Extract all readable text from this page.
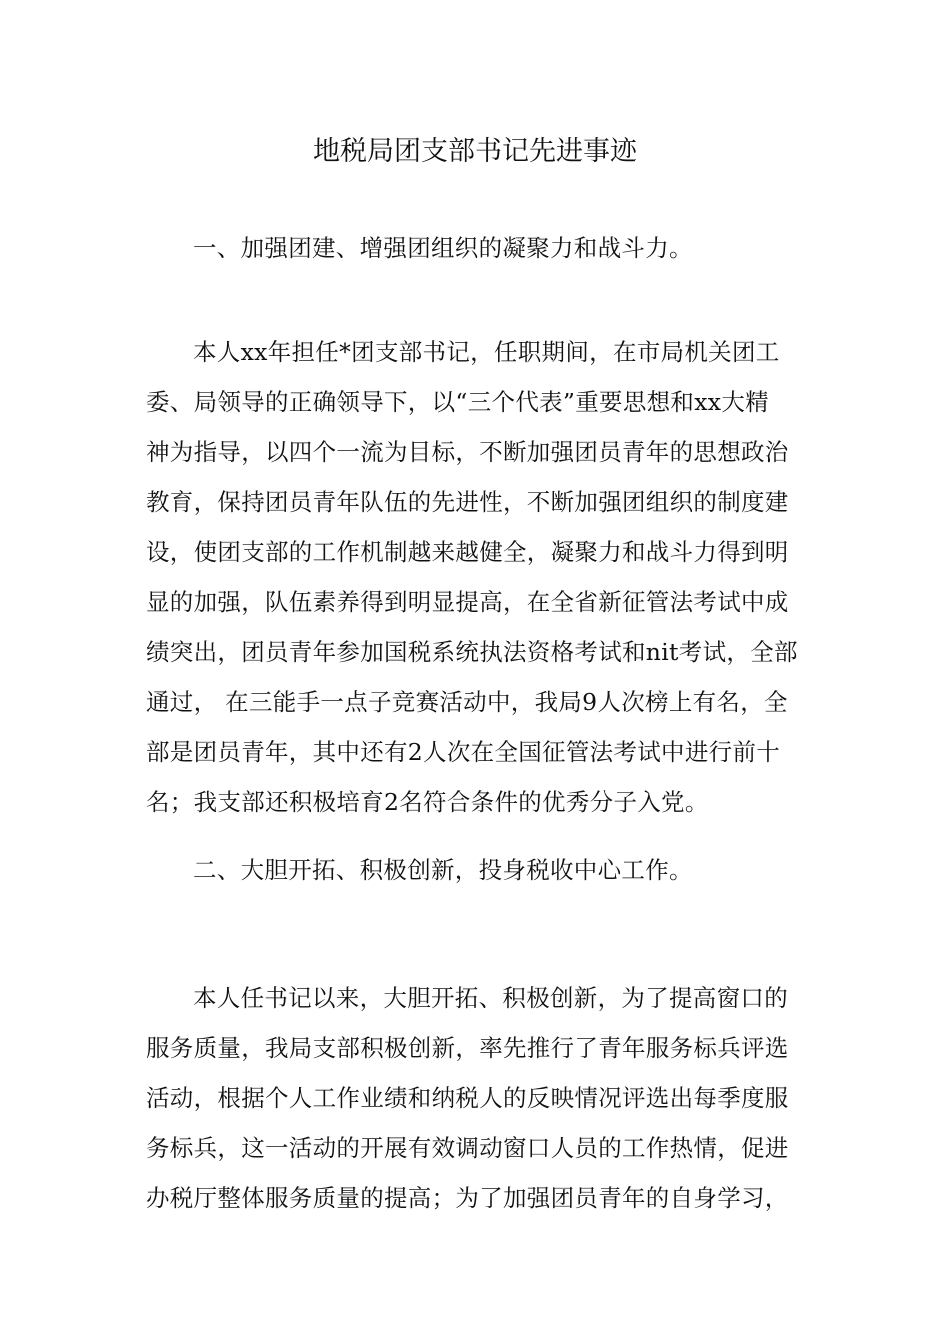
地税局团支部书记先进事迹

一、加强团建、增强团组织的凝聚力和战斗力。

本人xx年担任*团支部书记，任职期间，在市局机关团工
委、局领导的正确领导下，以“三个代表”重要思想和xx大精
神为指导，以四个一流为目标，不断加强团员青年的思想政治
教育，保持团员青年队伍的先进性，不断加强团组织的制度建
设，使团支部的工作机制越来越健全，凝聚力和战斗力得到明
显的加强，队伍素养得到明显提高，在全省新征管法考试中成
绩突出，团员青年参加国税系统执法资格考试和nit考试，全部
通过， 在三能手一点子竞赛活动中，我局9人次榜上有名，全
部是团员青年，其中还有2人次在全国征管法考试中进行前十
名；我支部还积极培育2名符合条件的优秀分子入党。

二、大胆开拓、积极创新，投身税收中心工作。

本人任书记以来，大胆开拓、积极创新，为了提高窗口的
服务质量，我局支部积极创新，率先推行了青年服务标兵评选
活动，根据个人工作业绩和纳税人的反映情况评选出每季度服
务标兵，这一活动的开展有效调动窗口人员的工作热情，促进
办税厅整体服务质量的提高；为了加强团员青年的自身学习，
